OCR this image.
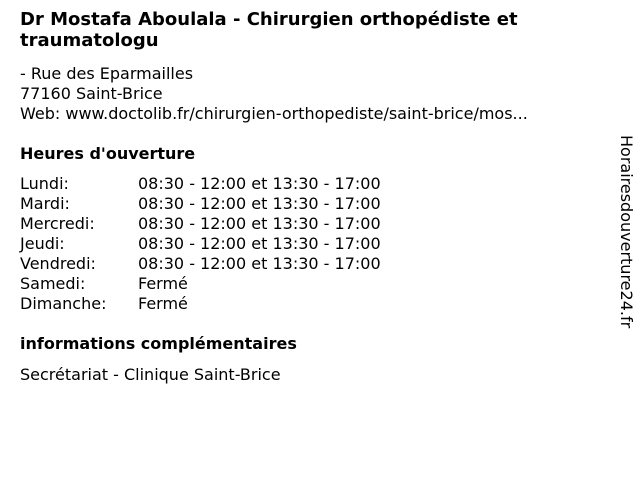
Dr Mostafa Aboulala - Chirurgien orthopédiste et traumatologu
- Rue des Eparmailles
77160 Saint-Brice
Web: www.doctolib.fr/chirurgien-orthopediste/saint-brice/mos...
Heures d'ouverture
Lundi:	08:30 - 12:00 et 13:30 - 17:00
Mardi:	08:30 - 12:00 et 13:30 - 17:00
Mercredi:	08:30 - 12:00 et 13:30 - 17:00
Jeudi:	08:30 - 12:00 et 13:30 - 17:00
Vendredi:	08:30 - 12:00 et 13:30 - 17:00
Samedi:	Fermé
Dimanche:	Fermé
informations complémentaires
Secrétariat - Clinique Saint-Brice
Horairesdouverture24.fr
